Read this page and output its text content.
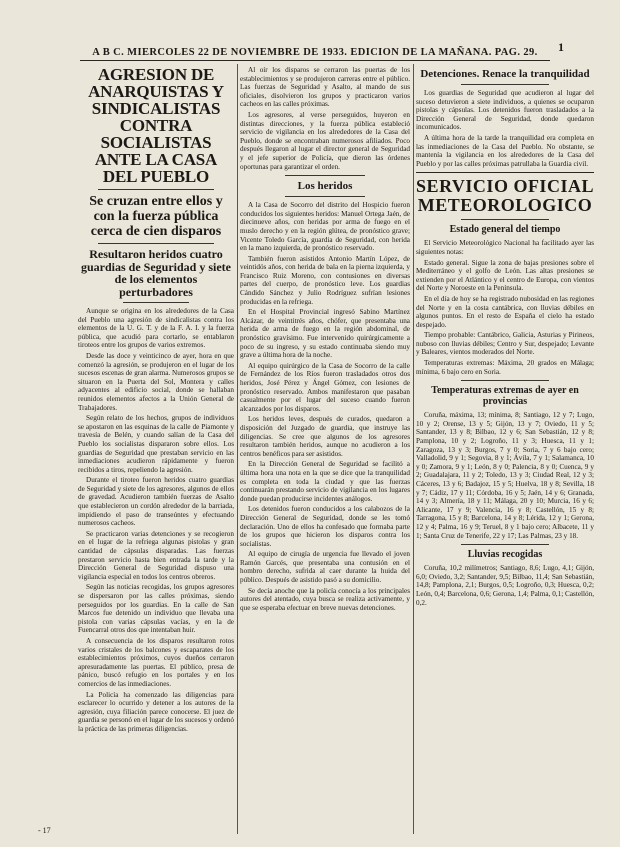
A B C. MIERCOLES 22 DE NOVIEMBRE DE 1933. EDICION DE LA MAÑANA. PAG. 29. 1
AGRESION DE ANARQUISTAS Y SINDICALISTAS CONTRA SOCIALISTAS ANTE LA CASA DEL PUEBLO
Se cruzan entre ellos y con la fuerza pública cerca de cien disparos
Resultaron heridos cuatro guardias de Seguridad y siete de los elementos perturbadores

Aunque se origina en los alrededores de la Casa del Pueblo una agresión de sindicalistas contra los elementos de la U. G. T. y de la F. A. I. y la fuerza pública, que acudió para cortarlo, se entablaron tiroteos entre los grupos de varios extremos.

Desde las doce y veinticinco de ayer, hora en que comenzó la agresión, se produjeron en el lugar de los sucesos escenas de gran alarma. Numerosos grupos se situaron en la Puerta del Sol, Montera y calles adyacentes al edificio social, donde se hallaban reunidos elementos afectos a la Unión General de Trabajadores.

Según relato de los hechos, grupos de individuos se apostaron en las esquinas de la calle de Piamonte y travesía de Belén, y cuando salían de la Casa del Pueblo los socialistas dispararon sobre ellos. Los guardias de Seguridad que prestaban servicio en las inmediaciones acudieron rápidamente y fueron recibidos a tiros, repeliendo la agresión.

Durante el tiroteo fueron heridos cuatro guardias de Seguridad y siete de los agresores, algunos de ellos de gravedad. Acudieron también fuerzas de Asalto que establecieron un cordón alrededor de la barriada, impidiendo el paso de transeúntes y efectuando numerosos cacheos.

Se practicaron varias detenciones y se recogieron en el lugar de la refriega algunas pistolas y gran cantidad de cápsulas disparadas. Las fuerzas prestaron servicio hasta bien entrada la tarde y la Dirección General de Seguridad dispuso una vigilancia especial en todos los centros obreros.

Según las noticias recogidas, los grupos agresores se dispersaron por las calles próximas, siendo perseguidos por los guardias. En la calle de San Marcos fue detenido un individuo que llevaba una pistola con varias cápsulas vacías, y en la de Fuencarral otros dos que intentaban huir.

A consecuencia de los disparos resultaron rotos varios cristales de los balcones y escaparates de los establecimientos próximos, cuyos dueños cerraron apresuradamente las puertas. El público, presa de pánico, buscó refugio en los portales y en los comercios de las inmediaciones.

La Policía ha comenzado las diligencias para esclarecer lo ocurrido y detener a los autores de la agresión, cuya filiación parece conocerse. El juez de guardia se personó en el lugar de los sucesos y ordenó la práctica de las primeras diligencias.

Al oír los disparos se cerraron las puertas de los establecimientos y se produjeron carreras entre el público. Las fuerzas de Seguridad y Asalto, al mando de sus oficiales, disolvieron los grupos y practicaron varios cacheos en las calles próximas.

Los agresores, al verse perseguidos, huyeron en distintas direcciones, y la fuerza pública estableció servicio de vigilancia en los alrededores de la Casa del Pueblo, donde se encontraban numerosos afiliados. Poco después llegaron al lugar el director general de Seguridad y el jefe superior de Policía, que dieron las órdenes oportunas para garantizar el orden.

Los heridos

A la Casa de Socorro del distrito del Hospicio fueron conducidos los siguientes heridos: Manuel Ortega Jaén, de diecinueve años, con heridas por arma de fuego en el muslo derecho y en la región glútea, de pronóstico grave; Vicente Toledo García, guardia de Seguridad, con herida en la mano izquierda, de pronóstico reservado.

También fueron asistidos Antonio Martín López, de veintidós años, con herida de bala en la pierna izquierda, y Francisco Ruiz Moreno, con contusiones en diversas partes del cuerpo, de pronóstico leve. Los guardias Cándido Sánchez y Julio Rodríguez sufrían lesiones producidas en la refriega.

En el Hospital Provincial ingresó Sabino Martínez Alcázar, de veintitrés años, chófer, que presentaba una herida de arma de fuego en la región abdominal, de pronóstico gravísimo. Fue intervenido quirúrgicamente a poco de su ingreso, y su estado continuaba siendo muy grave a última hora de la noche.

Al equipo quirúrgico de la Casa de Socorro de la calle de Fernández de los Ríos fueron trasladados otros dos heridos, José Pérez y Ángel Gómez, con lesiones de pronóstico reservado. Ambos manifestaron que pasaban casualmente por el lugar del suceso cuando fueron alcanzados por los disparos.

Los heridos leves, después de curados, quedaron a disposición del Juzgado de guardia, que instruye las diligencias. Se cree que algunos de los agresores resultaron también heridos, aunque no acudieron a los centros benéficos para ser asistidos.

En la Dirección General de Seguridad se facilitó a última hora una nota en la que se dice que la tranquilidad es completa en toda la ciudad y que las fuerzas continuarán prestando servicio de vigilancia en los lugares donde puedan producirse incidentes análogos.

Los detenidos fueron conducidos a los calabozos de la Dirección General de Seguridad, donde se les tomó declaración. Uno de ellos ha confesado que formaba parte de los grupos que hicieron los disparos contra los socialistas.

Al equipo de cirugía de urgencia fue llevado el joven Ramón Garcés, que presentaba una contusión en el hombro derecho, sufrida al caer durante la huida del público. Después de asistido pasó a su domicilio.

Se decía anoche que la policía conocía a los principales autores del atentado, cuya busca se realiza activamente, y que se esperaba efectuar en breve nuevas detenciones.

Detenciones. Renace la tranquilidad

Los guardias de Seguridad que acudieron al lugar del suceso detuvieron a siete individuos, a quienes se ocuparon pistolas y cápsulas. Los detenidos fueron trasladados a la Dirección General de Seguridad, donde quedaron incomunicados.

A última hora de la tarde la tranquilidad era completa en las inmediaciones de la Casa del Pueblo. No obstante, se mantenía la vigilancia en los alrededores de la Casa del Pueblo y por las calles próximas patrullaba la Guardia civil.

SERVICIO OFICIAL METEOROLOGICO
Estado general del tiempo

El Servicio Meteorológico Nacional ha facilitado ayer las siguientes notas:

Estado general. Sigue la zona de bajas presiones sobre el Mediterráneo y el golfo de León. Las altas presiones se extienden por el Atlántico y el centro de Europa, con vientos del Norte y Noroeste en la Península.

En el día de hoy se ha registrado nubosidad en las regiones del Norte y en la costa cantábrica, con lluvias débiles en algunos puntos. En el resto de España el cielo ha estado despejado.

Tiempo probable: Cantábrico, Galicia, Asturias y Pirineos, nuboso con lluvias débiles; Centro y Sur, despejado; Levante y Baleares, vientos moderados del Norte.

Temperaturas extremas: Máxima, 20 grados en Málaga; mínima, 6 bajo cero en Soria.

Temperaturas extremas de ayer en provincias

Coruña, máxima, 13; mínima, 8; Santiago, 12 y 7; Lugo, 10 y 2; Orense, 13 y 5; Gijón, 13 y 7; Oviedo, 11 y 5; Santander, 13 y 8; Bilbao, 12 y 6; San Sebastián, 12 y 8; Pamplona, 10 y 2; Logroño, 11 y 3; Huesca, 11 y 1; Zaragoza, 13 y 3; Burgos, 7 y 0; Soria, 7 y 6 bajo cero; Valladolid, 9 y 1; Segovia, 8 y 1; Ávila, 7 y 1; Salamanca, 10 y 0; Zamora, 9 y 1; León, 8 y 0; Palencia, 8 y 0; Cuenca, 9 y 2; Guadalajara, 11 y 2; Toledo, 13 y 3; Ciudad Real, 12 y 3; Cáceres, 13 y 6; Badajoz, 15 y 5; Huelva, 18 y 8; Sevilla, 18 y 7; Cádiz, 17 y 11; Córdoba, 16 y 5; Jaén, 14 y 6; Granada, 14 y 3; Almería, 18 y 11; Málaga, 20 y 10; Murcia, 16 y 6; Alicante, 17 y 9; Valencia, 16 y 8; Castellón, 15 y 8; Tarragona, 15 y 8; Barcelona, 14 y 8; Lérida, 12 y 1; Gerona, 12 y 4; Palma, 16 y 9; Teruel, 8 y 1 bajo cero; Albacete, 11 y 1; Santa Cruz de Tenerife, 22 y 17; Las Palmas, 23 y 18.

Lluvias recogidas

Coruña, 10,2 milímetros; Santiago, 8,6; Lugo, 4,1; Gijón, 6,0; Oviedo, 3,2; Santander, 9,5; Bilbao, 11,4; San Sebastián, 14,8; Pamplona, 2,1; Burgos, 0,5; Logroño, 0,3; Huesca, 0,2; León, 0,4; Barcelona, 0,6; Gerona, 1,4; Palma, 0,1; Castellón, 0,2.

- 17
